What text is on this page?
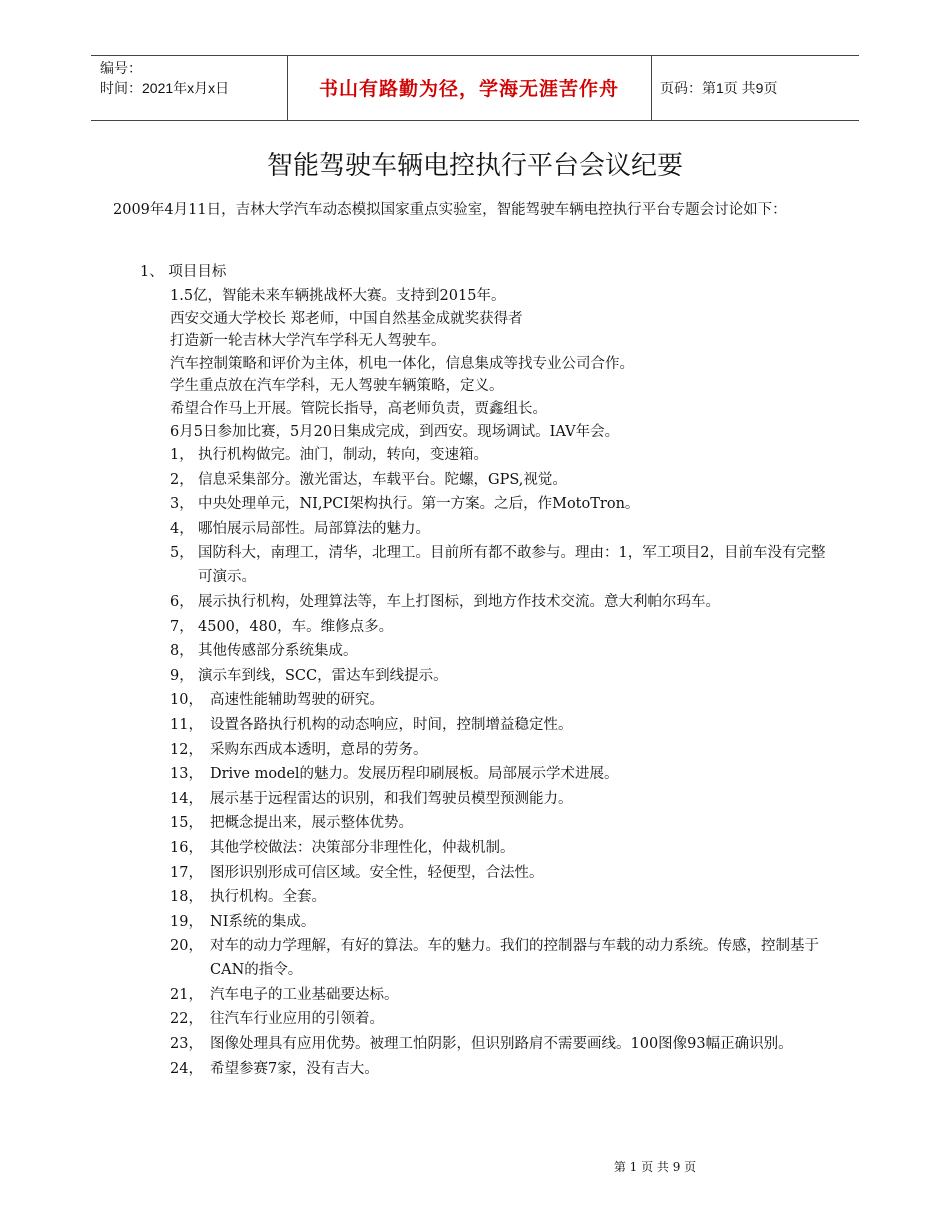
编号：
时间：2021年x月x日	书山有路勤为径，学海无涯苦作舟	页码：第1页 共9页
智能驾驶车辆电控执行平台会议纪要
2009年4月11日，吉林大学汽车动态模拟国家重点实验室，智能驾驶车辆电控执行平台专题会讨论如下：
1、 项目目标
1.5亿，智能未来车辆挑战杯大赛。支持到2015年。
西安交通大学校长 郑老师，中国自然基金成就奖获得者
打造新一轮吉林大学汽车学科无人驾驶车。
汽车控制策略和评价为主体，机电一体化，信息集成等找专业公司合作。
学生重点放在汽车学科，无人驾驶车辆策略，定义。
希望合作马上开展。管院长指导，高老师负责，贾鑫组长。
6月5日参加比赛，5月20日集成完成，到西安。现场调试。IAV年会。
1， 执行机构做完。油门，制动，转向，变速箱。
2， 信息采集部分。激光雷达，车载平台。陀螺，GPS,视觉。
3， 中央处理单元，NI,PCI架构执行。第一方案。之后，作MotoTron。
4， 哪怕展示局部性。局部算法的魅力。
5， 国防科大，南理工，清华，北理工。目前所有都不敢参与。理由：1，军工项目2，目前车没有完整可演示。
6， 展示执行机构，处理算法等，车上打图标，到地方作技术交流。意大利帕尔玛车。
7， 4500，480，车。维修点多。
8， 其他传感部分系统集成。
9， 演示车到线，SCC，雷达车到线提示。
10， 高速性能辅助驾驶的研究。
11， 设置各路执行机构的动态响应，时间，控制增益稳定性。
12， 采购东西成本透明，意昂的劳务。
13， Drive model的魅力。发展历程印刷展板。局部展示学术进展。
14， 展示基于远程雷达的识别，和我们驾驶员模型预测能力。
15， 把概念提出来，展示整体优势。
16， 其他学校做法：决策部分非理性化，仲裁机制。
17， 图形识别形成可信区域。安全性，轻便型，合法性。
18， 执行机构。全套。
19， NI系统的集成。
20， 对车的动力学理解，有好的算法。车的魅力。我们的控制器与车载的动力系统。传感，控制基于CAN的指令。
21， 汽车电子的工业基础要达标。
22， 往汽车行业应用的引领着。
23， 图像处理具有应用优势。被理工怕阴影，但识别路肩不需要画线。100图像93幅正确识别。
24， 希望参赛7家，没有吉大。
第 1 页 共 9 页
